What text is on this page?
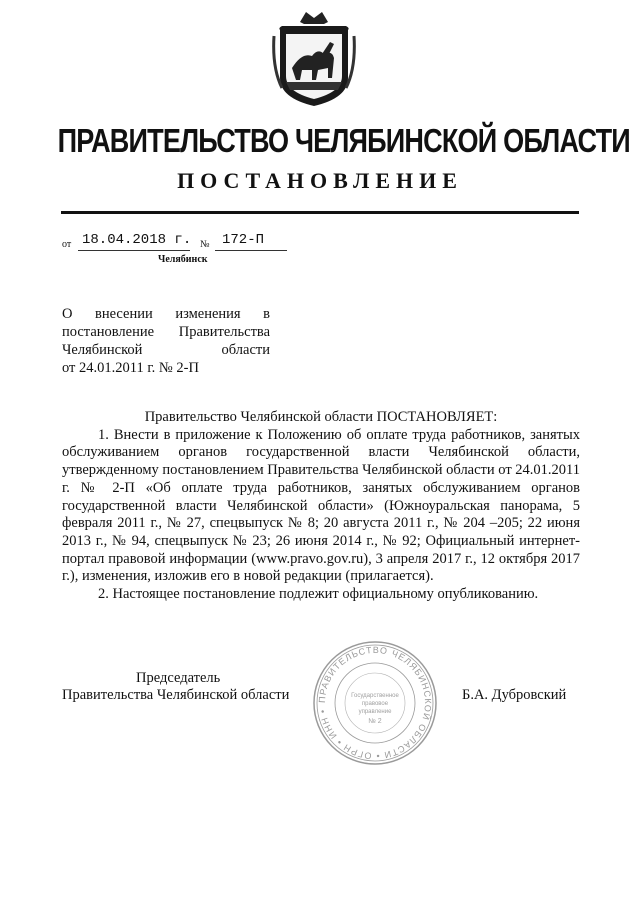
ПРАВИТЕЛЬСТВО ЧЕЛЯБИНСКОЙ ОБЛАСТИ
ПОСТАНОВЛЕНИЕ
от 18.04.2018 г. № 172-П
Челябинск
О внесении изменения в
постановление Правительства
Челябинской области
от 24.01.2011 г. № 2-П

Правительство Челябинской области ПОСТАНОВЛЯЕТ:

1. Внести в приложение к Положению об оплате труда работников, занятых обслуживанием органов государственной власти Челябинской области, утвержденному постановлением Правительства Челябинской области от 24.01.2011 г. № 2-П «Об оплате труда работников, занятых обслуживанием органов государственной власти Челябинской области» (Южноуральская панорама, 5 февраля 2011 г., № 27, спецвыпуск № 8; 20 августа 2011 г., № 204 –205; 22 июня 2013 г., № 94, спецвыпуск № 23; 26 июня 2014 г., № 92; Официальный интернет-портал правовой информации (www.pravo.gov.ru), 3 апреля 2017 г., 12 октября 2017 г.), изменения, изложив его в новой редакции (прилагается).

2. Настоящее постановление подлежит официальному опубликованию.

ПРАВИТЕЛЬСТВО ЧЕЛЯБИНСКОЙ ОБЛАСТИ • ОГРН • ИНН •
Государственное
правовое
управление
№ 2
Председатель
Правительства Челябинской области	Б.А. Дубровский
